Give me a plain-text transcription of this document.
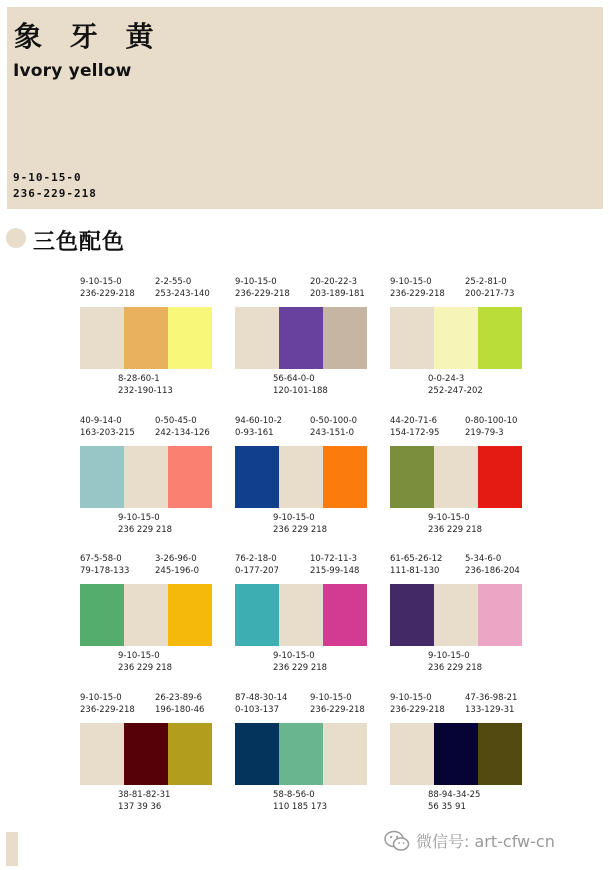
象 牙 黄
Ivory yellow
9-10-15-0
236-229-218
三色配色
9-10-15-0
236-229-218
2-2-55-0
253-243-140
8-28-60-1
232-190-113
9-10-15-0
236-229-218
20-20-22-3
203-189-181
56-64-0-0
120-101-188
9-10-15-0
236-229-218
25-2-81-0
200-217-73
0-0-24-3
252-247-202
40-9-14-0
163-203-215
0-50-45-0
242-134-126
9-10-15-0
236 229 218
94-60-10-2
0-93-161
0-50-100-0
243-151-0
9-10-15-0
236 229 218
44-20-71-6
154-172-95
0-80-100-10
219-79-3
9-10-15-0
236 229 218
67-5-58-0
79-178-133
3-26-96-0
245-196-0
9-10-15-0
236 229 218
76-2-18-0
0-177-207
10-72-11-3
215-99-148
9-10-15-0
236 229 218
61-65-26-12
111-81-130
5-34-6-0
236-186-204
9-10-15-0
236 229 218
9-10-15-0
236-229-218
26-23-89-6
196-180-46
38-81-82-31
137 39 36
87-48-30-14
0-103-137
9-10-15-0
236-229-218
58-8-56-0
110 185 173
9-10-15-0
236-229-218
47-36-98-21
133-129-31
88-94-34-25
56 35 91
微信号: art-cfw-cn
